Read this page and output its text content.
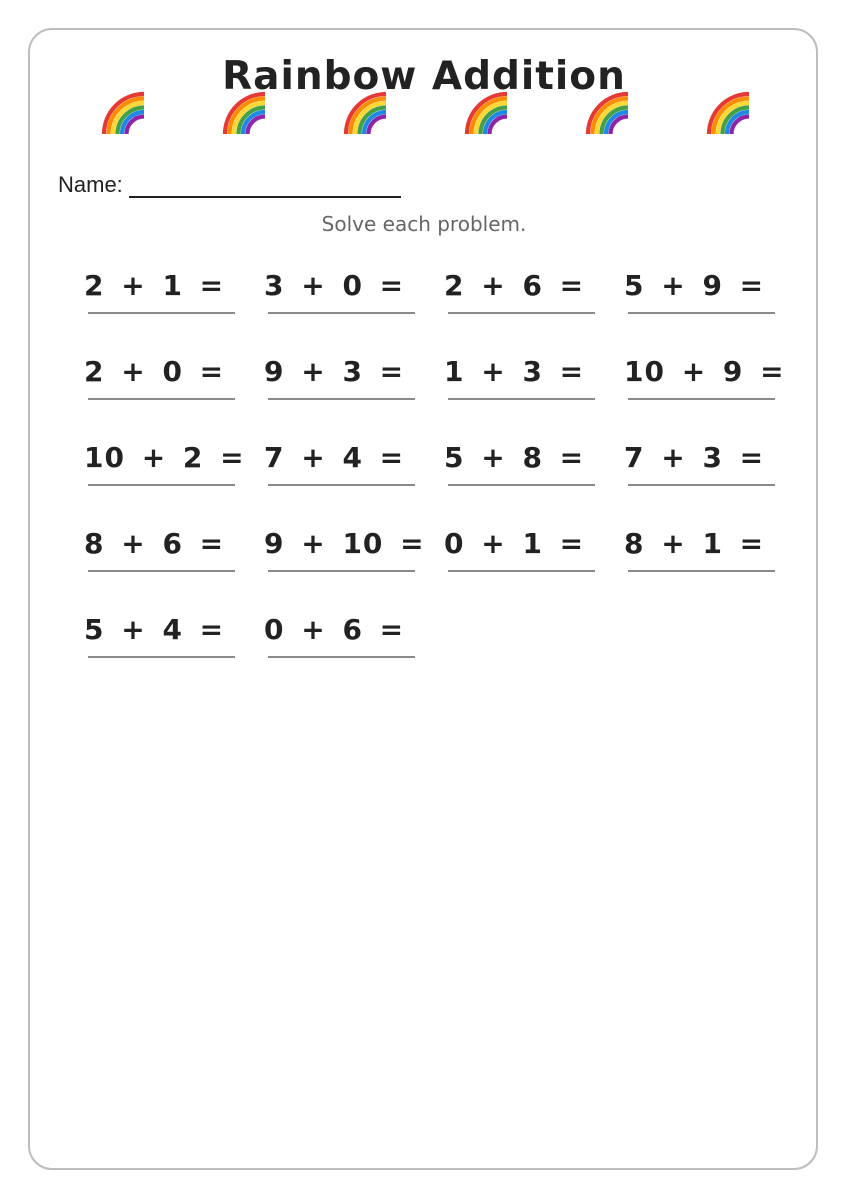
Rainbow Addition
Name:
Solve each problem.
2 + 1 = 3 + 0 = 2 + 6 = 5 + 9 =
2 + 0 = 9 + 3 = 1 + 3 = 10 + 9 =
10 + 2 = 7 + 4 = 5 + 8 = 7 + 3 =
8 + 6 = 9 + 10 = 0 + 1 = 8 + 1 =
5 + 4 = 0 + 6 =
